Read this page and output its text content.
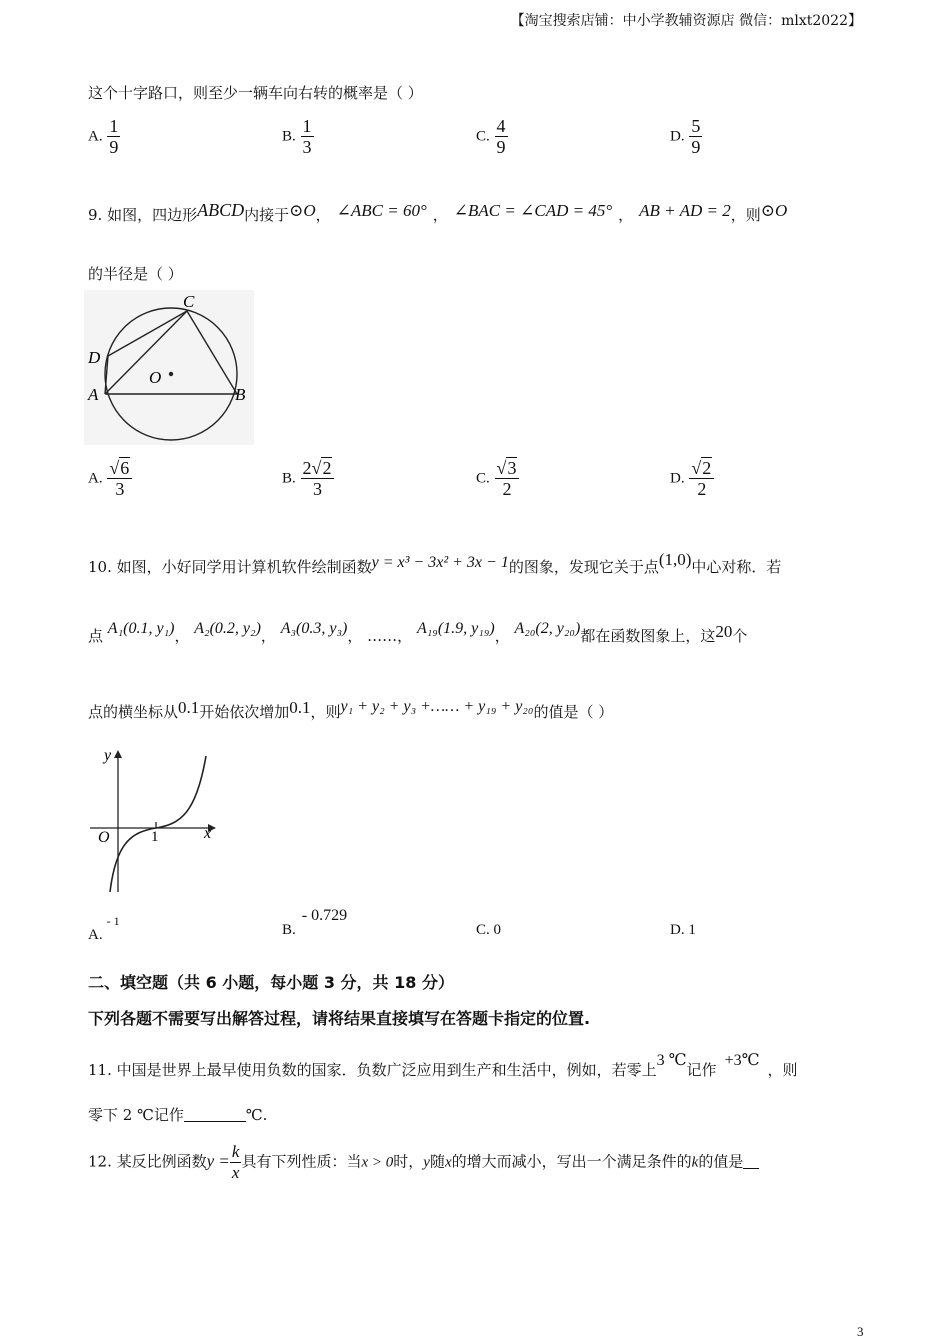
【淘宝搜索店铺：中小学教辅资源店 微信：mlxt2022】
这个十字路口，则至少一辆车向右转的概率是（ ）
A. $\frac{1}{9}$	B. $\frac{1}{3}$	C. $\frac{4}{9}$	D. $\frac{5}{9}$
9. 如图，四边形ABCD内接于⊙O， ∠ABC = 60° ， ∠BAC = ∠CAD = 45° ， AB + AD = 2，则⊙O
的半径是（ ）
C
D
A
O
B
A. $\frac{√6}{3}$	B. $\frac{2√2}{3}$	C. $\frac{√3}{2}$	D. $\frac{√2}{2}$
10. 如图，小好同学用计算机软件绘制函数y = x³ − 3x² + 3x − 1的图象，发现它关于点(1,0)中心对称．若
点 A₁(0.1, y₁)， A₂(0.2, y₂)， A₃(0.3, y₃)， ……， A₁₉(1.9, y₁₉)， A₂₀(2, y₂₀)都在函数图象上，这20个
点的横坐标从0.1开始依次增加0.1，则y₁ + y₂ + y₃ +…… + y₁₉ + y₂₀的值是（ ）
y
x
O	1
A.$^{- 1}$
B.- 0.729
C. 0	D. 1
二、填空题（共 6 小题，每小题 3 分，共 18 分）
下列各题不需要写出解答过程，请将结果直接填写在答题卡指定的位置.
11. 中国是世界上最早使用负数的国家．负数广泛应用到生产和生活中，例如，若零上3 ℃记作+3℃，则
零下 2 ℃记作	℃.
12. 某反比例函数$y = \frac{k}{x}$ 具有下列性质：当x > 0时，y随x的增大而减小，写出一个满足条件的k的值是
3
